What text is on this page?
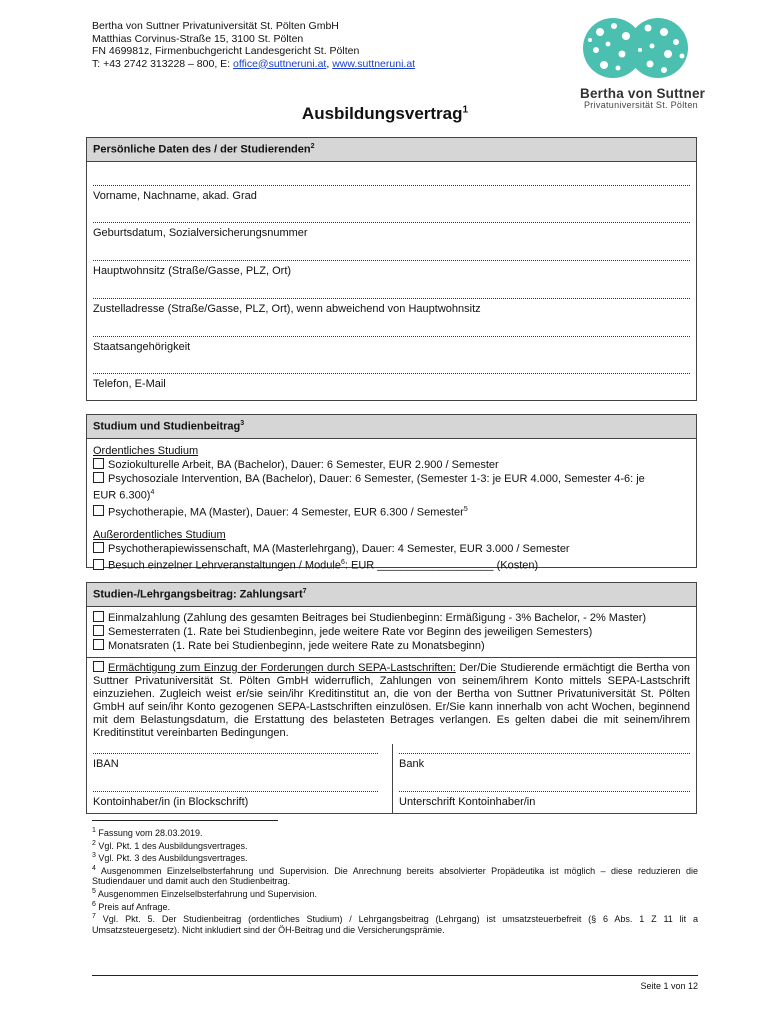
Bertha von Suttner Privatuniversität St. Pölten GmbH
Matthias Corvinus-Straße 15, 3100 St. Pölten
FN 469981z, Firmenbuchgericht Landesgericht St. Pölten
T: +43 2742 313228 – 800, E: office@suttneruni.at, www.suttneruni.at
Bertha von Suttner
Privatuniversität St. Pölten
Ausbildungsvertrag$^1$
Persönliche Daten des / der Studierenden$^2$
Vorname, Nachname, akad. Grad
Geburtsdatum, Sozialversicherungsnummer
Hauptwohnsitz (Straße/Gasse, PLZ, Ort)
Zustelladresse (Straße/Gasse, PLZ, Ort), wenn abweichend von Hauptwohnsitz
Staatsangehörigkeit
Telefon, E-Mail
Studium und Studienbeitrag$^3$
Ordentliches Studium
Soziokulturelle Arbeit, BA (Bachelor), Dauer: 6 Semester, EUR 2.900 / Semester
Psychosoziale Intervention, BA (Bachelor), Dauer: 6 Semester, (Semester 1-3: je EUR 4.000, Semester 4-6: je
EUR 6.300)$^4$
Psychotherapie, MA (Master), Dauer: 4 Semester, EUR 6.300 / Semester$^5$
Außerordentliches Studium
Psychotherapiewissenschaft, MA (Masterlehrgang), Dauer: 4 Semester, EUR 3.000 / Semester
Besuch einzelner Lehrveranstaltungen / Module$^6$: EUR ___________________ (Kosten)
Studien-/Lehrgangsbeitrag: Zahlungsart$^7$
Einmalzahlung (Zahlung des gesamten Beitrages bei Studienbeginn: Ermäßigung - 3% Bachelor, - 2% Master)
Semesterraten (1. Rate bei Studienbeginn, jede weitere Rate vor Beginn des jeweiligen Semesters)
Monatsraten (1. Rate bei Studienbeginn, jede weitere Rate zu Monatsbeginn)
Ermächtigung zum Einzug der Forderungen durch SEPA-Lastschriften: Der/Die Studierende ermächtigt die Bertha von Suttner Privatuniversität St. Pölten GmbH widerruflich, Zahlungen von seinem/ihrem Konto mittels SEPA-Lastschrift einzuziehen. Zugleich weist er/sie sein/ihr Kreditinstitut an, die von der Bertha von Suttner Privatuniversität St. Pölten GmbH auf sein/ihr Konto gezogenen SEPA-Lastschriften einzulösen. Er/Sie kann innerhalb von acht Wochen, beginnend mit dem Belastungsdatum, die Erstattung des belasteten Betrages verlangen. Es gelten dabei die mit seinem/ihrem Kreditinstitut vereinbarten Bedingungen.
IBAN	Bank
Kontoinhaber/in (in Blockschrift)	Unterschrift Kontoinhaber/in
$^1$ Fassung vom 28.03.2019.
$^2$ Vgl. Pkt. 1 des Ausbildungsvertrages.
$^3$ Vgl. Pkt. 3 des Ausbildungsvertrages.
$^4$ Ausgenommen Einzelselbsterfahrung und Supervision. Die Anrechnung bereits absolvierter Propädeutika ist möglich – diese reduzieren die Studiendauer und damit auch den Studienbeitrag.
$^5$ Ausgenommen Einzelselbsterfahrung und Supervision.
$^6$ Preis auf Anfrage.
$^7$ Vgl. Pkt. 5. Der Studienbeitrag (ordentliches Studium) / Lehrgangsbeitrag (Lehrgang) ist umsatzsteuerbefreit (§ 6 Abs. 1 Z 11 lit a Umsatzsteuergesetz). Nicht inkludiert sind der ÖH-Beitrag und die Versicherungsprämie.
Seite 1 von 12
